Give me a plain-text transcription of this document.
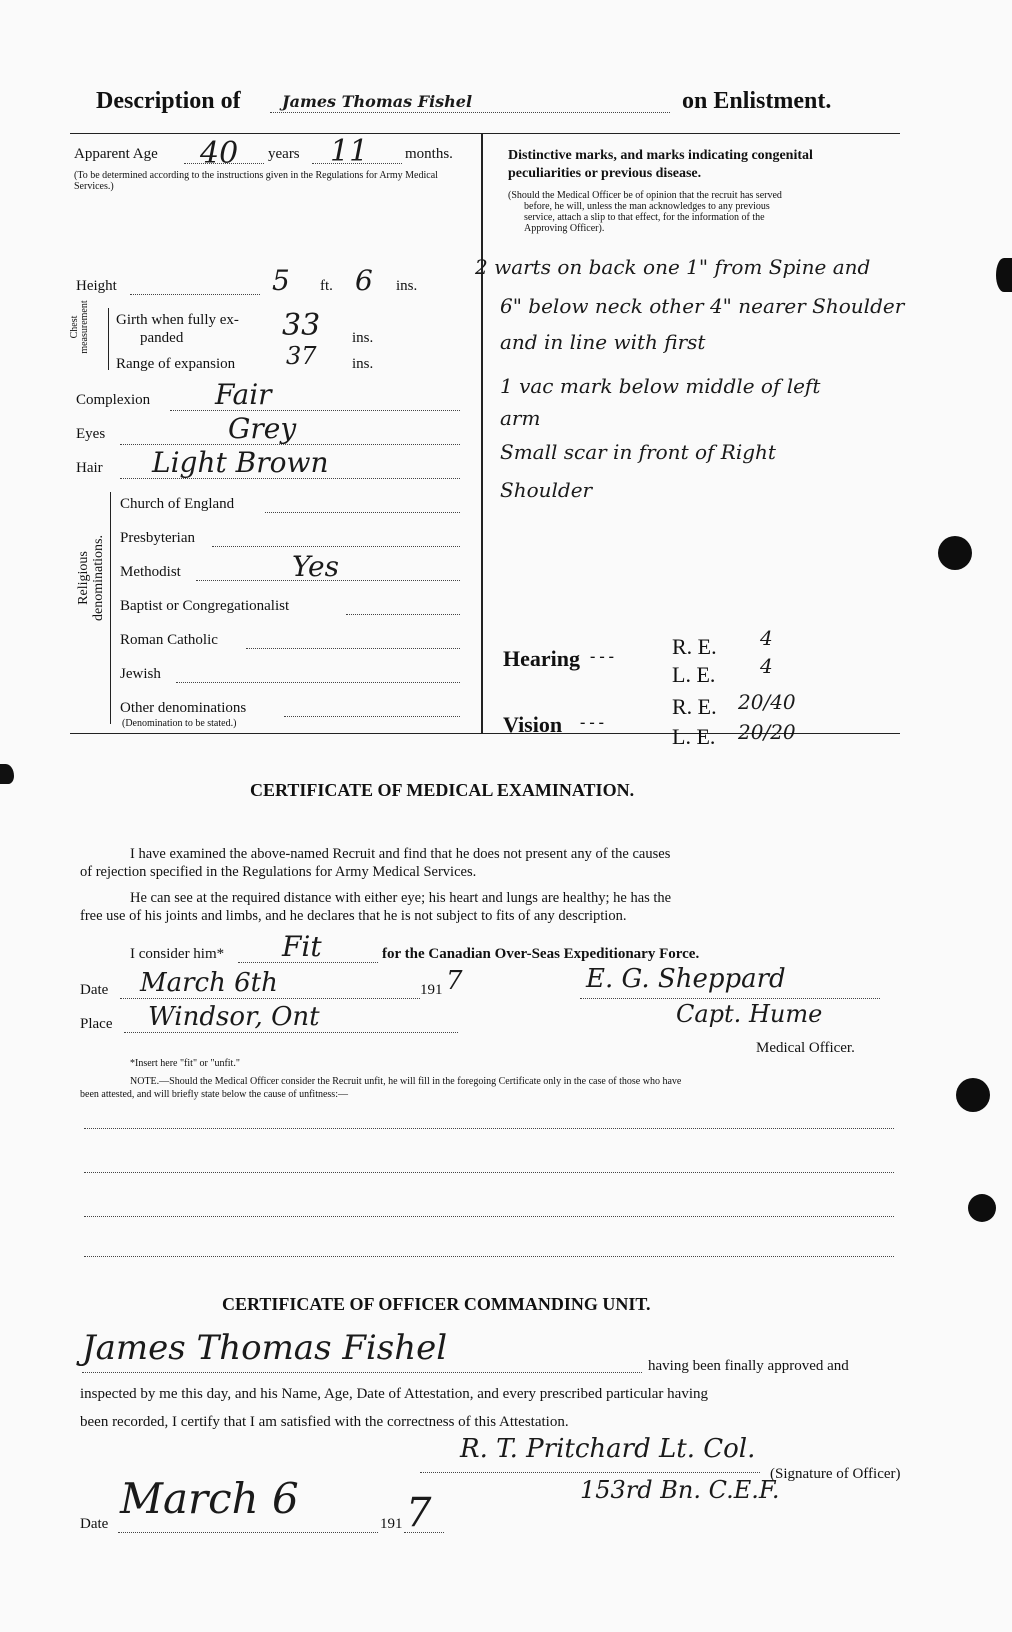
Description of	James Thomas Fishel	on Enlistment.
Apparent Age 40 years 11 months.
(To be determined according to the instructions given in the Regulations for Army Medical Services.)
Height	5 ft. 6 ins.
Chest measurement Girth when fully ex-
panded	33 ins.
Range of expansion 37 ins.
Complexion Fair
Eyes	Grey
Hair Light Brown
Religious denominations.
Church of England
Presbyterian
Methodist	Yes
Baptist or Congregationalist
Roman Catholic
Jewish
Other denominations
(Denomination to be stated.)
Distinctive marks, and marks indicating congenital
peculiarities or previous disease.
(Should the Medical Officer be of opinion that the recruit has served
before, he will, unless the man acknowledges to any previous
service, attach a slip to that effect, for the information of the
Approving Officer).
2 warts on back one 1" from Spine and
6" below neck other 4" nearer Shoulder
and in line with first
1 vac mark below middle of left
arm
Small scar in front of Right
Shoulder
Hearing - - -	R. E. 4
L. E. 4
Vision - - -
R. E. 20/40
L. E. 20/20
CERTIFICATE OF MEDICAL EXAMINATION.
I have examined the above-named Recruit and find that he does not present any of the causes
of rejection specified in the Regulations for Army Medical Services.
He can see at the required distance with either eye; his heart and lungs are healthy; he has the
free use of his joints and limbs, and he declares that he is not subject to fits of any description.
I consider him* Fit	for the Canadian Over-Seas Expeditionary Force.
Date March 6th	191 7	E. G. Sheppard
Place Windsor, Ont	Capt. Hume
Medical Officer.
*Insert here "fit" or "unfit."
NOTE.—Should the Medical Officer consider the Recruit unfit, he will fill in the foregoing Certificate only in the case of those who have
been attested, and will briefly state below the cause of unfitness:—
CERTIFICATE OF OFFICER COMMANDING UNIT.
James Thomas Fishel	having been finally approved and
inspected by me this day, and his Name, Age, Date of Attestation, and every prescribed particular having
been recorded, I certify that I am satisfied with the correctness of this Attestation.
R. T. Pritchard Lt. Col.
(Signature of Officer)
153rd Bn. C.E.F.
March 6
Date	191 7
